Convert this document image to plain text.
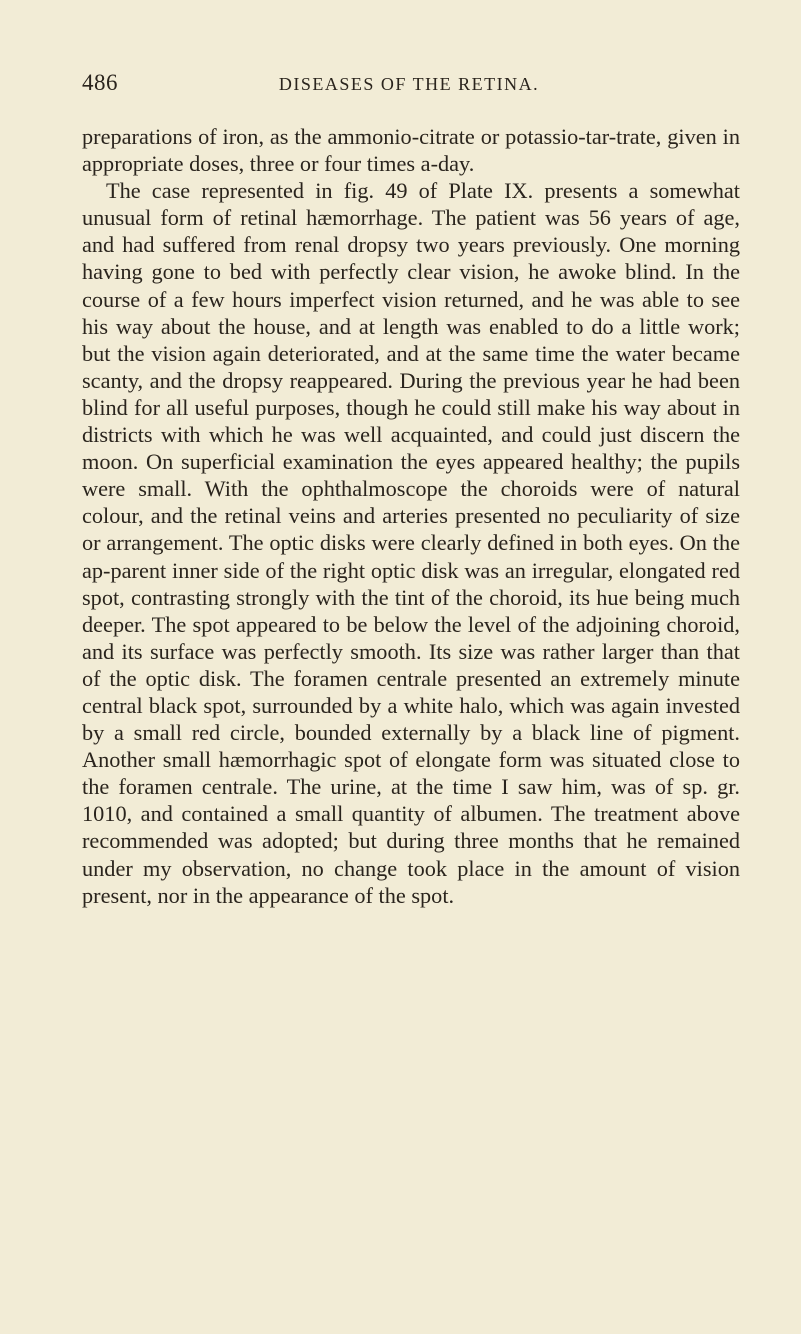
486	DISEASES OF THE RETINA.

preparations of iron, as the ammonio-citrate or potassio-tar-trate, given in appropriate doses, three or four times a-day.

The case represented in fig. 49 of Plate IX. presents a somewhat unusual form of retinal hæmorrhage. The patient was 56 years of age, and had suffered from renal dropsy two years previously. One morning having gone to bed with perfectly clear vision, he awoke blind. In the course of a few hours imperfect vision returned, and he was able to see his way about the house, and at length was enabled to do a little work; but the vision again deteriorated, and at the same time the water became scanty, and the dropsy reappeared. During the previous year he had been blind for all useful purposes, though he could still make his way about in districts with which he was well acquainted, and could just discern the moon. On superficial examination the eyes appeared healthy; the pupils were small. With the ophthalmoscope the choroids were of natural colour, and the retinal veins and arteries presented no peculiarity of size or arrangement. The optic disks were clearly defined in both eyes. On the ap-parent inner side of the right optic disk was an irregular, elongated red spot, contrasting strongly with the tint of the choroid, its hue being much deeper. The spot appeared to be below the level of the adjoining choroid, and its surface was perfectly smooth. Its size was rather larger than that of the optic disk. The foramen centrale presented an extremely minute central black spot, surrounded by a white halo, which was again invested by a small red circle, bounded externally by a black line of pigment. Another small hæmorrhagic spot of elongate form was situated close to the foramen centrale. The urine, at the time I saw him, was of sp. gr. 1010, and contained a small quantity of albumen. The treatment above recommended was adopted; but during three months that he remained under my observation, no change took place in the amount of vision present, nor in the appearance of the spot.
